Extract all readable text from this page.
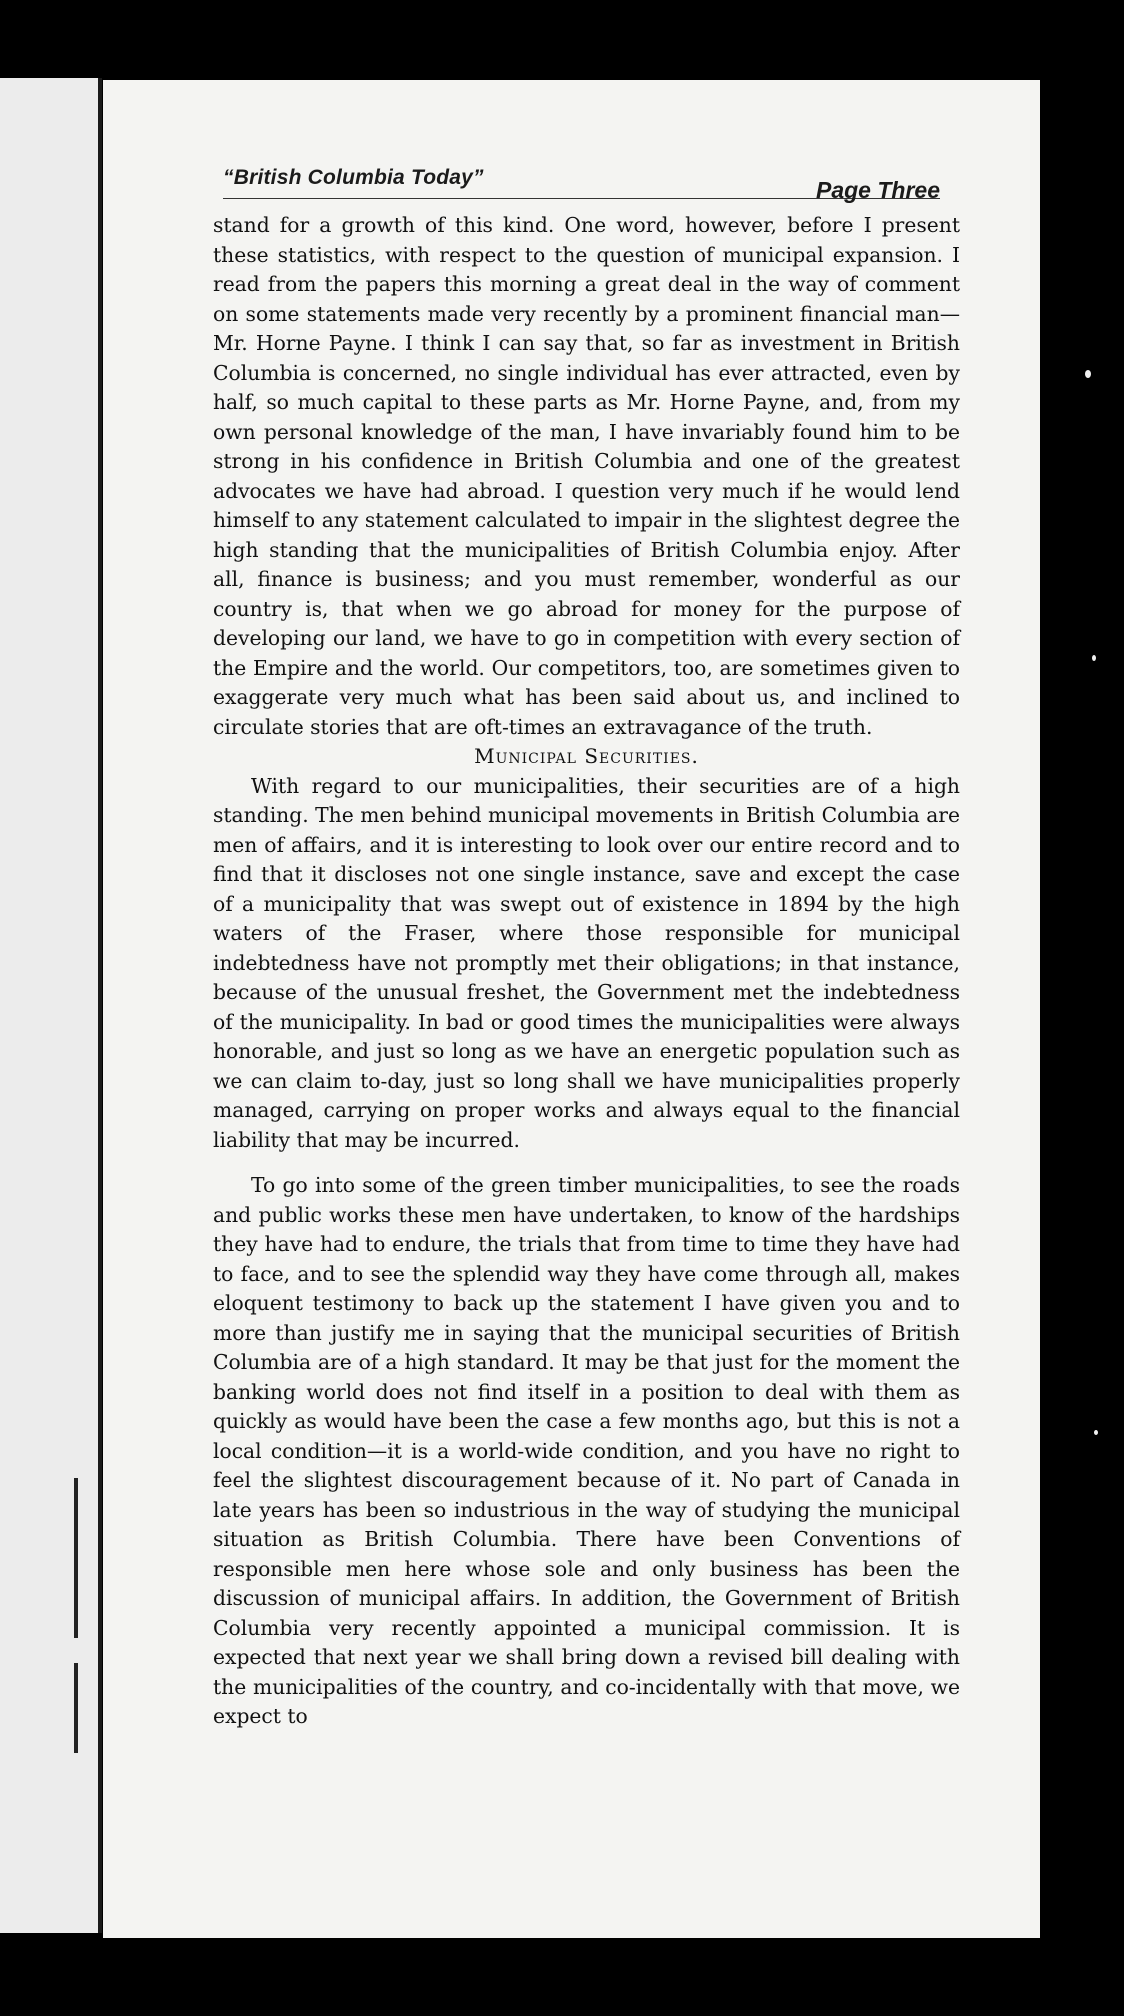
“British Columbia Today”	Page Three

stand for a growth of this kind. One word, however, before I present these statistics, with respect to the question of municipal expansion. I read from the papers this morning a great deal in the way of comment on some statements made very recently by a prominent financial man—Mr. Horne Payne. I think I can say that, so far as investment in British Columbia is concerned, no single individual has ever attracted, even by half, so much capital to these parts as Mr. Horne Payne, and, from my own personal knowledge of the man, I have invariably found him to be strong in his confidence in British Columbia and one of the greatest advocates we have had abroad. I question very much if he would lend himself to any statement calculated to impair in the slightest degree the high standing that the municipalities of British Columbia enjoy. After all, finance is business; and you must remember, wonderful as our country is, that when we go abroad for money for the purpose of developing our land, we have to go in competition with every section of the Empire and the world. Our competitors, too, are sometimes given to exaggerate very much what has been said about us, and inclined to circulate stories that are oft-times an extravagance of the truth.

Municipal Securities.

With regard to our municipalities, their securities are of a high standing. The men behind municipal movements in British Columbia are men of affairs, and it is interesting to look over our entire record and to find that it discloses not one single instance, save and except the case of a municipality that was swept out of existence in 1894 by the high waters of the Fraser, where those responsible for municipal indebtedness have not promptly met their obligations; in that instance, because of the unusual freshet, the Government met the indebtedness of the municipality. In bad or good times the municipalities were always honorable, and just so long as we have an energetic population such as we can claim to-day, just so long shall we have municipalities properly managed, carrying on proper works and always equal to the financial liability that may be incurred.

To go into some of the green timber municipalities, to see the roads and public works these men have undertaken, to know of the hardships they have had to endure, the trials that from time to time they have had to face, and to see the splendid way they have come through all, makes eloquent testimony to back up the statement I have given you and to more than justify me in saying that the municipal securities of British Columbia are of a high standard. It may be that just for the moment the banking world does not find itself in a position to deal with them as quickly as would have been the case a few months ago, but this is not a local condition—it is a world-wide condition, and you have no right to feel the slightest discouragement because of it. No part of Canada in late years has been so industrious in the way of studying the municipal situation as British Columbia. There have been Conventions of responsible men here whose sole and only business has been the discussion of municipal affairs. In addition, the Government of British Columbia very recently appointed a municipal commission. It is expected that next year we shall bring down a revised bill dealing with the municipalities of the country, and co-incidentally with that move, we expect to
